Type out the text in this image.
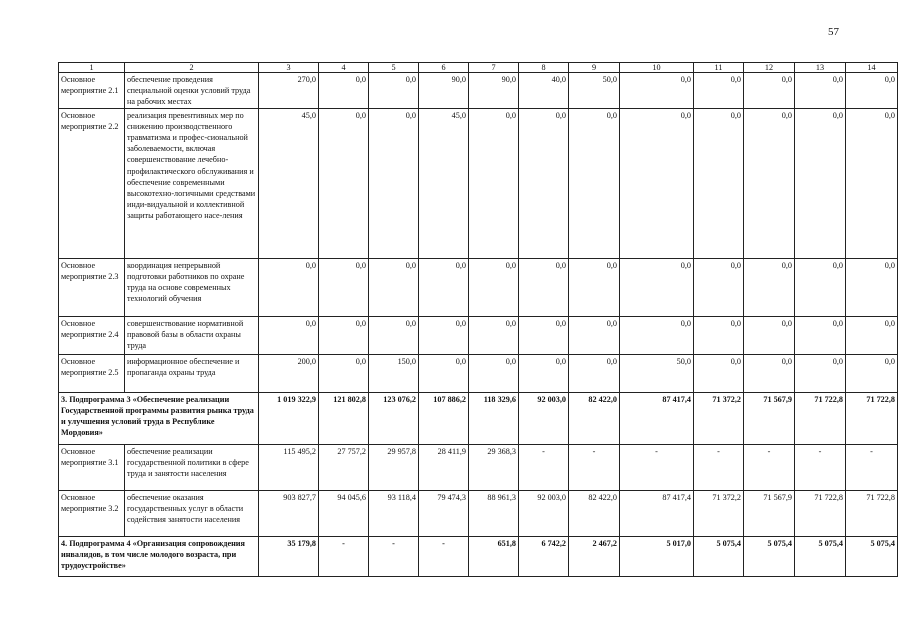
57
1	2	3	4	5	6	7	8	9	10	11	12	13	14
Основное мероприятие 2.1	обеспечение проведения специальной оценки условий труда на рабочих местах	270,0	0,0	0,0	90,0	90,0	40,0	50,0	0,0	0,0	0,0	0,0	0,0
Основное мероприятие 2.2	реализация превентивных мер по снижению производственного травматизма и профес-сиональной заболеваемости, включая совершенствование лечебно-профилактического обслуживания и обеспечение современными высокотехно-логичными средствами инди-видуальной и коллективной защиты работающего насе-ления	45,0	0,0	0,0	45,0	0,0	0,0	0,0	0,0	0,0	0,0	0,0	0,0
Основное мероприятие 2.3	координация непрерывной подготовки работников по охране труда на основе современных технологий обучения	0,0	0,0	0,0	0,0	0,0	0,0	0,0	0,0	0,0	0,0	0,0	0,0
Основное мероприятие 2.4	совершенствование нормативной правовой базы в области охраны труда	0,0	0,0	0,0	0,0	0,0	0,0	0,0	0,0	0,0	0,0	0,0	0,0
Основное мероприятие 2.5	информационное обеспечение и пропаганда охраны труда	200,0	0,0	150,0	0,0	0,0	0,0	0,0	50,0	0,0	0,0	0,0	0,0
3. Подпрограмма 3 «Обеспечение реализации Государственной программы развития рынка труда и улучшения условий труда в Республике Мордовия»		1 019 322,9	121 802,8	123 076,2	107 886,2	118 329,6	92 003,0	82 422,0	87 417,4	71 372,2	71 567,9	71 722,8	71 722,8
Основное мероприятие 3.1	обеспечение реализации государственной политики в сфере труда и занятости населения	115 495,2	27 757,2	29 957,8	28 411,9	29 368,3	-	-	-	-	-	-	-
Основное мероприятие 3.2	обеспечение оказания государственных услуг в области содействия занятости населения	903 827,7	94 045,6	93 118,4	79 474,3	88 961,3	92 003,0	82 422,0	87 417,4	71 372,2	71 567,9	71 722,8	71 722,8
4. Подпрограмма 4 «Организация сопровождения инвалидов, в том числе молодого возраста, при трудоустройстве»		35 179,8	-	-	-	651,8	6 742,2	2 467,2	5 017,0	5 075,4	5 075,4	5 075,4	5 075,4
